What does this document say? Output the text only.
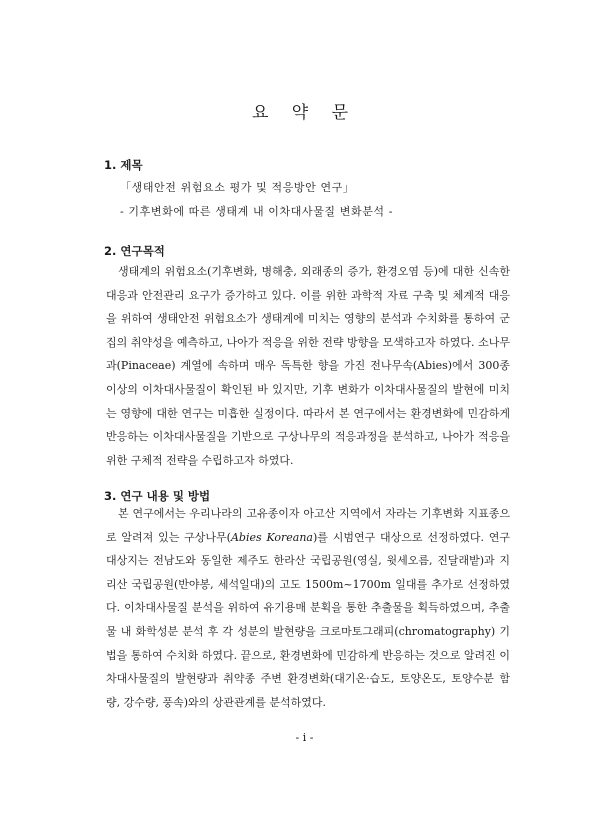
요 약 문
1. 제목

「생태안전 위험요소 평가 및 적응방안 연구」

- 기후변화에 따른 생태계 내 이차대사물질 변화분석 -

2. 연구목적

생태계의 위험요소(기후변화, 병해충, 외래종의 증가, 환경오염 등)에 대한 신속한 대응과 안전관리 요구가 증가하고 있다. 이를 위한 과학적 자료 구축 및 체계적 대응을 위하여 생태안전 위험요소가 생태계에 미치는 영향의 분석과 수치화를 통하여 군집의 취약성을 예측하고, 나아가 적응을 위한 전략 방향을 모색하고자 하였다. 소나무과(Pinaceae) 계열에 속하며 매우 독특한 향을 가진 전나무속(Abies)에서 300종 이상의 이차대사물질이 확인된 바 있지만, 기후 변화가 이차대사물질의 발현에 미치는 영향에 대한 연구는 미흡한 실정이다. 따라서 본 연구에서는 환경변화에 민감하게 반응하는 이차대사물질을 기반으로 구상나무의 적응과정을 분석하고, 나아가 적응을 위한 구체적 전략을 수립하고자 하였다.

3. 연구 내용 및 방법

본 연구에서는 우리나라의 고유종이자 아고산 지역에서 자라는 기후변화 지표종으로 알려져 있는 구상나무(Abies Koreana)를 시범연구 대상으로 선정하였다. 연구대상지는 전남도와 동일한 제주도 한라산 국립공원(영실, 윗세오름, 진달래밭)과 지리산 국립공원(반야봉, 세석일대)의 고도 1500m~1700m 일대를 추가로 선정하였다. 이차대사물질 분석을 위하여 유기용매 분획을 통한 추출물을 획득하였으며, 추출물 내 화학성분 분석 후 각 성분의 발현량을 크로마토그래피(chromatography) 기법을 통하여 수치화 하였다. 끝으로, 환경변화에 민감하게 반응하는 것으로 알려진 이차대사물질의 발현량과 취약종 주변 환경변화(대기온·습도, 토양온도, 토양수분 함량, 강수량, 풍속)와의 상관관계를 분석하였다.

- i -
